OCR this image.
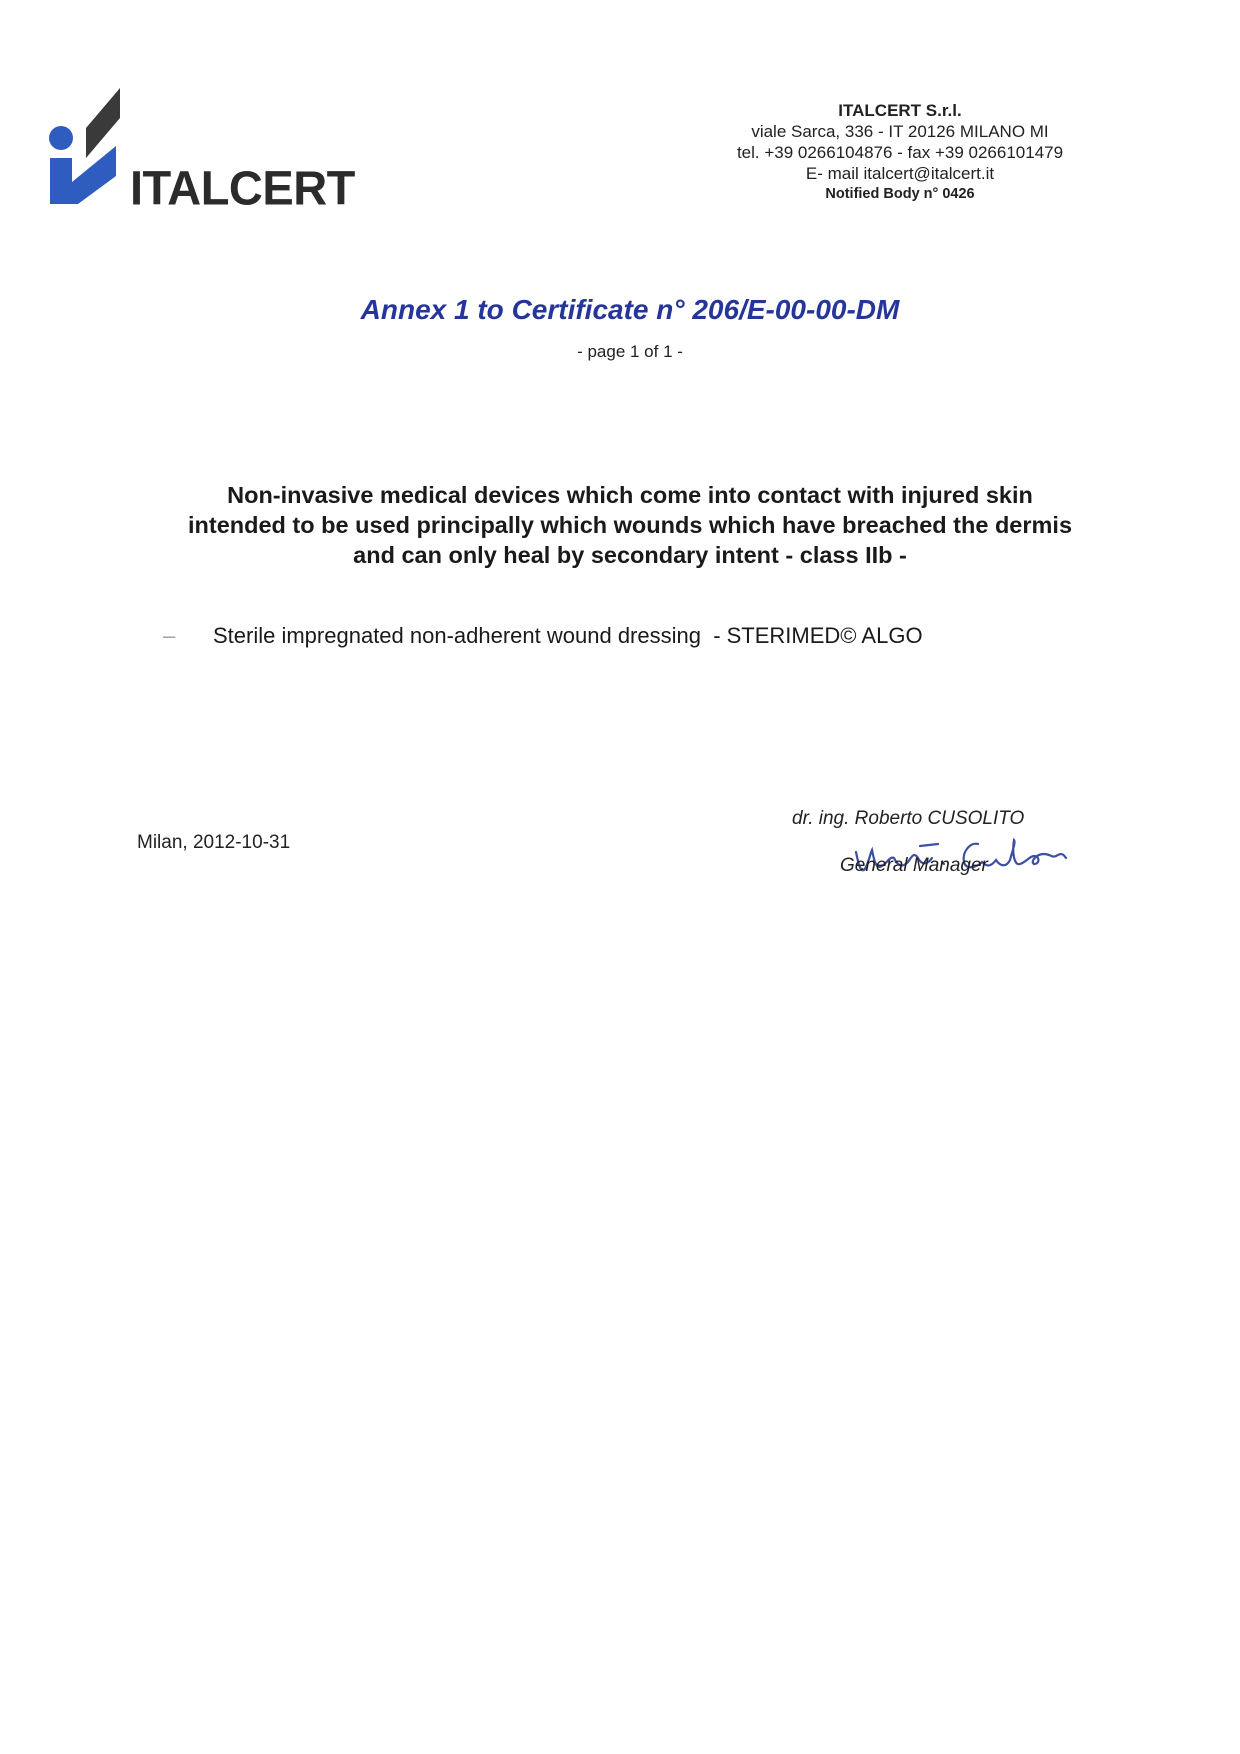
ITALCERT
ITALCERT S.r.l.
viale Sarca, 336 - IT 20126 MILANO MI
tel. +39 0266104876 - fax +39 0266101479
E- mail italcert@italcert.it
Notified Body n° 0426
Annex 1 to Certificate n° 206/E-00-00-DM
- page 1 of 1 -
Non-invasive medical devices which come into contact with injured skin
intended to be used principally which wounds which have breached the dermis
and can only heal by secondary intent - class IIb -
–	Sterile impregnated non-adherent wound dressing  - STERIMED© ALGO
Milan, 2012-10-31
dr. ing. Roberto CUSOLITO
General Manager
